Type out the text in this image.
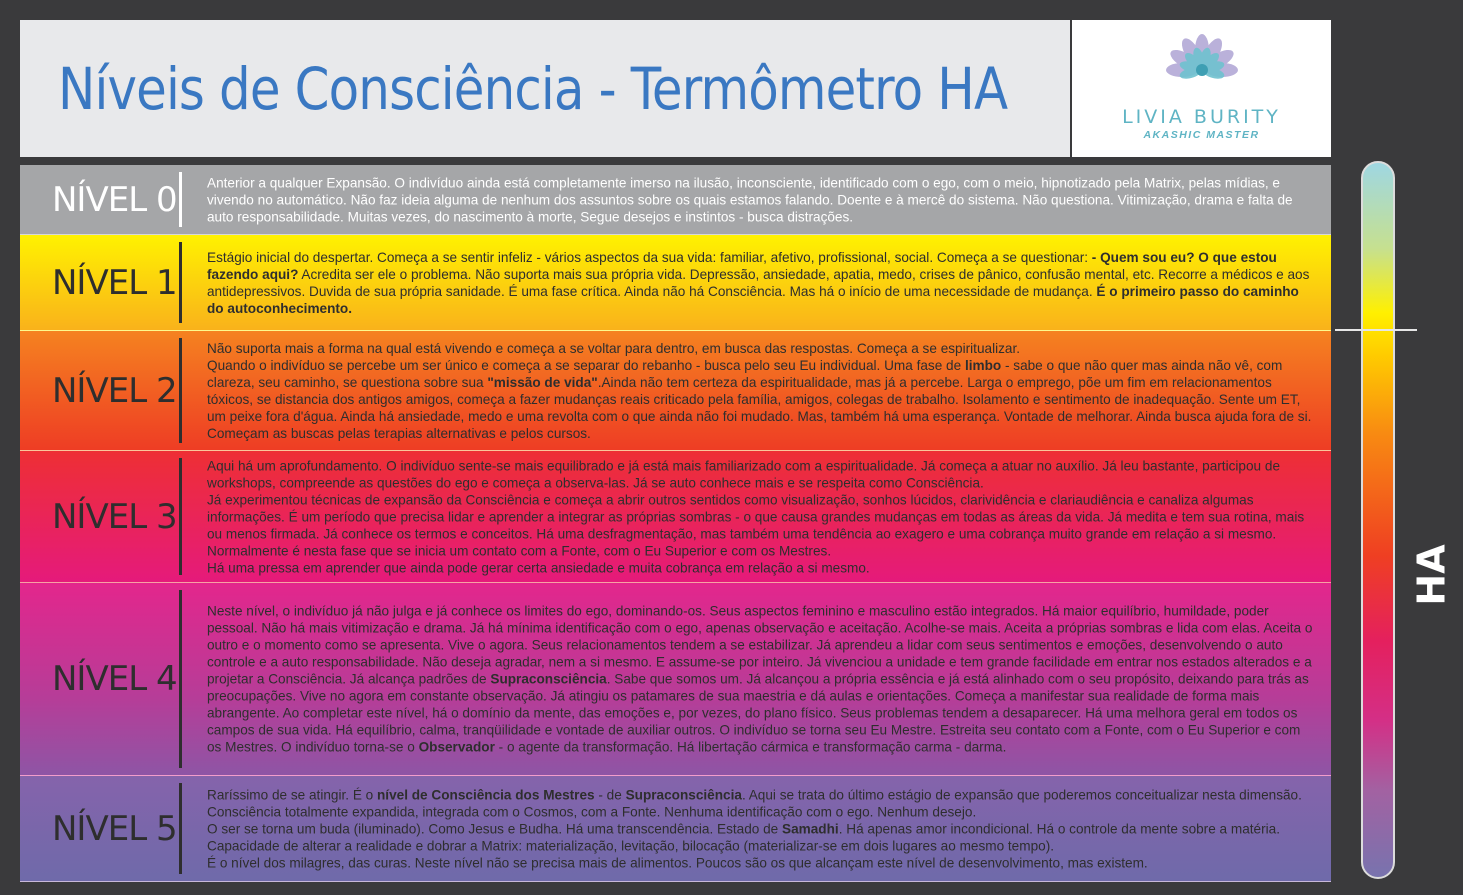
Níveis de Consciência - Termômetro HA	LIVIA BURITY
AKASHIC MASTER
NÍVEL 0 Anterior a qualquer Expansão. O indivíduo ainda está completamente imerso na ilusão, inconsciente, identificado com o ego, com o meio, hipnotizado pela Matrix, pelas mídias, e vivendo no automático. Não faz ideia alguma de nenhum dos assuntos sobre os quais estamos falando. Doente e à mercê do sistema. Não questiona. Vitimização, drama e falta de auto responsabilidade. Muitas vezes, do nascimento à morte, Segue desejos e instintos - busca distrações.

NÍVEL 1

Estágio inicial do despertar. Começa a se sentir infeliz - vários aspectos da sua vida: familiar, afetivo, profissional, social. Começa a se questionar: - Quem sou eu? O que estou fazendo aqui? Acredita ser ele o problema. Não suporta mais sua própria vida. Depressão, ansiedade, apatia, medo, crises de pânico, confusão mental, etc. Recorre a médicos e aos antidepressivos. Duvida de sua própria sanidade. É uma fase crítica. Ainda não há Consciência. Mas há o início de uma necessidade de mudança. É o primeiro passo do caminho do autoconhecimento.

NÍVEL 2

Não suporta mais a forma na qual está vivendo e começa a se voltar para dentro, em busca das respostas. Começa a se espiritualizar.

Quando o indivíduo se percebe um ser único e começa a se separar do rebanho - busca pelo seu Eu individual. Uma fase de limbo - sabe o que não quer mas ainda não vê, com clareza, seu caminho, se questiona sobre sua "missão de vida".Ainda não tem certeza da espiritualidade, mas já a percebe. Larga o emprego, põe um fim em relacionamentos tóxicos, se distancia dos antigos amigos, começa a fazer mudanças reais criticado pela família, amigos, colegas de trabalho. Isolamento e sentimento de inadequação. Sente um ET, um peixe fora d'água. Ainda há ansiedade, medo e uma revolta com o que ainda não foi mudado. Mas, também há uma esperança. Vontade de melhorar. Ainda busca ajuda fora de si. Começam as buscas pelas terapias alternativas e pelos cursos.

NÍVEL 3

Aqui há um aprofundamento. O indivíduo sente-se mais equilibrado e já está mais familiarizado com a espiritualidade. Já começa a atuar no auxílio. Já leu bastante, participou de workshops, compreende as questões do ego e começa a observa-las. Já se auto conhece mais e se respeita como Consciência.

Já experimentou técnicas de expansão da Consciência e começa a abrir outros sentidos como visualização, sonhos lúcidos, clarividência e clariaudiência e canaliza algumas informações. É um período que precisa lidar e aprender a integrar as próprias sombras - o que causa grandes mudanças em todas as áreas da vida. Já medita e tem sua rotina, mais ou menos firmada. Já conhece os termos e conceitos. Há uma desfragmentação, mas também uma tendência ao exagero e uma cobrança muito grande em relação a si mesmo. Normalmente é nesta fase que se inicia um contato com a Fonte, com o Eu Superior e com os Mestres.

Há uma pressa em aprender que ainda pode gerar certa ansiedade e muita cobrança em relação a si mesmo.

NÍVEL 4

Neste nível, o indivíduo já não julga e já conhece os limites do ego, dominando-os. Seus aspectos feminino e masculino estão integrados. Há maior equilíbrio, humildade, poder pessoal. Não há mais vitimização e drama. Já há mínima identificação com o ego, apenas observação e aceitação. Acolhe-se mais. Aceita a próprias sombras e lida com elas. Aceita o outro e o momento como se apresenta. Vive o agora. Seus relacionamentos tendem a se estabilizar. Já aprendeu a lidar com seus sentimentos e emoções, desenvolvendo o auto controle e a auto responsabilidade. Não deseja agradar, nem a si mesmo. E assume-se por inteiro. Já vivenciou a unidade e tem grande facilidade em entrar nos estados alterados e a projetar a Consciência. Já alcança padrões de Supraconsciência. Sabe que somos um. Já alcançou a própria essência e já está alinhado com o seu propósito, deixando para trás as preocupações. Vive no agora em constante observação. Já atingiu os patamares de sua maestria e dá aulas e orientações. Começa a manifestar sua realidade de forma mais abrangente. Ao completar este nível, há o domínio da mente, das emoções e, por vezes, do plano físico. Seus problemas tendem a desaparecer. Há uma melhora geral em todos os campos de sua vida. Há equilíbrio, calma, tranqüilidade e vontade de auxiliar outros. O indivíduo se torna seu Eu Mestre. Estreita seu contato com a Fonte, com o Eu Superior e com os Mestres. O indivíduo torna-se o Observador - o agente da transformação. Há libertação cármica e transformação carma - darma.

NÍVEL 5

Raríssimo de se atingir. É o nível de Consciência dos Mestres - de Supraconsciência. Aqui se trata do último estágio de expansão que poderemos conceitualizar nesta dimensão. Consciência totalmente expandida, integrada com o Cosmos, com a Fonte. Nenhuma identificação com o ego. Nenhum desejo.

O ser se torna um buda (iluminado). Como Jesus e Budha. Há uma transcendência. Estado de Samadhi. Há apenas amor incondicional. Há o controle da mente sobre a matéria. Capacidade de alterar a realidade e dobrar a Matrix: materialização, levitação, bilocação (materializar-se em dois lugares ao mesmo tempo).

É o nível dos milagres, das curas. Neste nível não se precisa mais de alimentos. Poucos são os que alcançam este nível de desenvolvimento, mas existem.

HA
